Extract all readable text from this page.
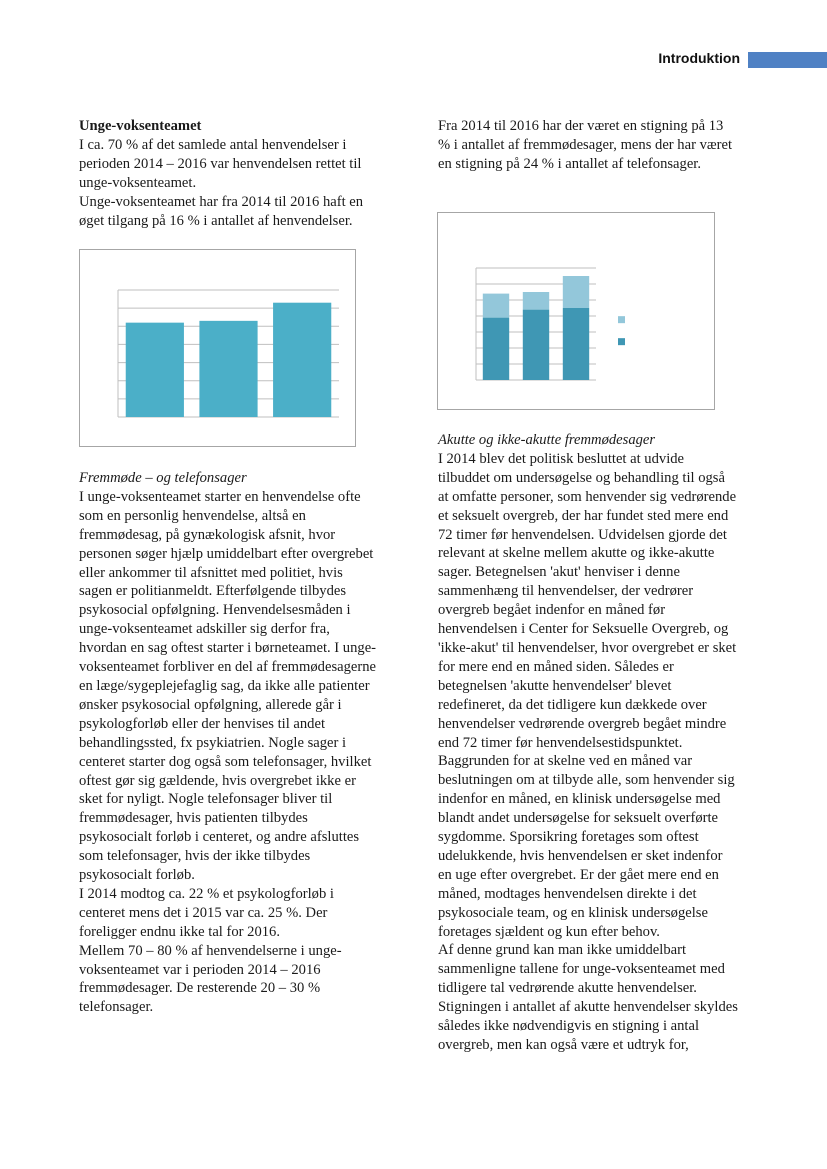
Introduktion

Unge-voksenteamet

I ca. 70 % af det samlede antal henvendelser i perioden 2014 – 2016 var henvendelsen rettet til unge-voksenteamet.

Unge-voksenteamet har fra 2014 til 2016 haft en øget tilgang på 16 % i antallet af henvendelser.

Fremmøde – og telefonsager

I unge-voksenteamet starter en henvendelse ofte som en personlig henvendelse, altså en fremmødesag, på gynækologisk afsnit, hvor personen søger hjælp umiddelbart efter overgrebet eller ankommer til afsnittet med politiet, hvis sagen er politianmeldt. Efterfølgende tilbydes psykosocial opfølgning. Henvendelsesmåden i unge-voksenteamet adskiller sig derfor fra, hvordan en sag oftest starter i børneteamet. I unge-voksenteamet forbliver en del af fremmødesagerne en læge/sygeplejefaglig sag, da ikke alle patienter ønsker psykosocial opfølgning, allerede går i psykologforløb eller der henvises til andet behandlingssted, fx psykiatrien. Nogle sager i centeret starter dog også som telefonsager, hvilket oftest gør sig gældende, hvis overgrebet ikke er sket for nyligt. Nogle telefonsager bliver til fremmødesager, hvis patienten tilbydes psykosocialt forløb i centeret, og andre afsluttes som telefonsager, hvis der ikke tilbydes psykosocialt forløb.

I 2014 modtog ca. 22 % et psykologforløb i centeret mens det i 2015 var ca. 25 %. Der foreligger endnu ikke tal for 2016.

Mellem 70 – 80 % af henvendelserne i unge-voksenteamet var i perioden 2014 – 2016 fremmødesager. De resterende 20 – 30 % telefonsager.

Fra 2014 til 2016 har der været en stigning på 13 % i antallet af fremmødesager, mens der har været en stigning på 24 % i antallet af telefonsager.

Akutte og ikke-akutte fremmødesager

I 2014 blev det politisk besluttet at udvide tilbuddet om undersøgelse og behandling til også at omfatte personer, som henvender sig vedrørende et seksuelt overgreb, der har fundet sted mere end 72 timer før henvendelsen. Udvidelsen gjorde det relevant at skelne mellem akutte og ikke-akutte sager. Betegnelsen 'akut' henviser i denne sammenhæng til henvendelser, der vedrører overgreb begået indenfor en måned før henvendelsen i Center for Seksuelle Overgreb, og 'ikke-akut' til henvendelser, hvor overgrebet er sket for mere end en måned siden. Således er betegnelsen 'akutte henvendelser' blevet redefineret, da det tidligere kun dækkede over henvendelser vedrørende overgreb begået mindre end 72 timer før henvendelsestidspunktet. Baggrunden for at skelne ved en måned var beslutningen om at tilbyde alle, som henvender sig indenfor en måned, en klinisk undersøgelse med blandt andet undersøgelse for seksuelt overførte sygdomme. Sporsikring foretages som oftest udelukkende, hvis henvendelsen er sket indenfor en uge efter overgrebet. Er der gået mere end en måned, modtages henvendelsen direkte i det psykosociale team, og en klinisk undersøgelse foretages sjældent og kun efter behov.

Af denne grund kan man ikke umiddelbart sammenligne tallene for unge-voksenteamet med tidligere tal vedrørende akutte henvendelser. Stigningen i antallet af akutte henvendelser skyldes således ikke nødvendigvis en stigning i antal overgreb, men kan også være et udtryk for,
